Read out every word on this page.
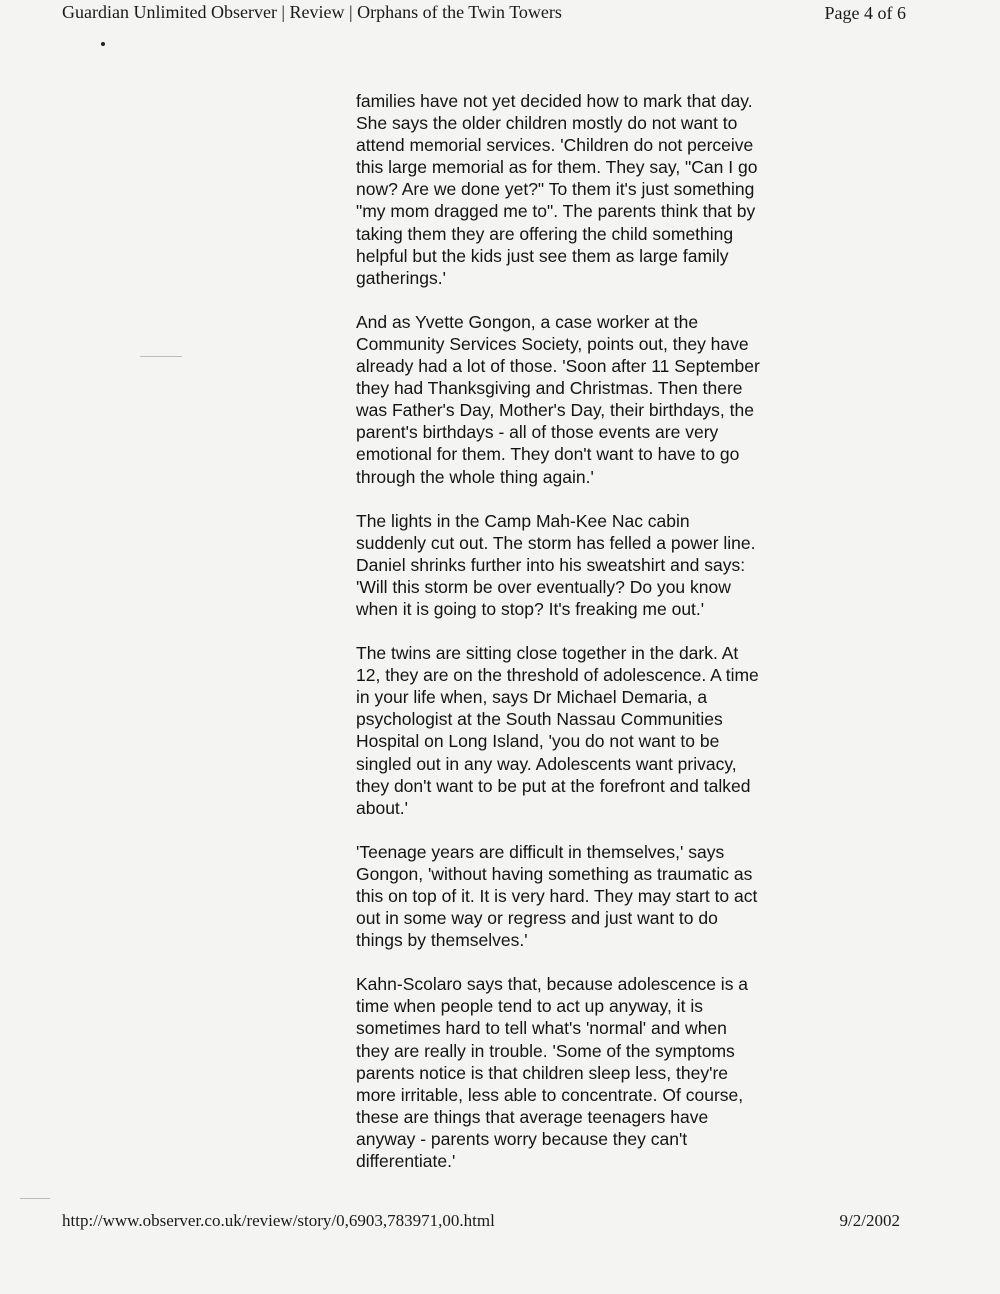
Guardian Unlimited Observer | Review | Orphans of the Twin Towers	Page 4 of 6

families have not yet decided how to mark that day.
She says the older children mostly do not want to
attend memorial services. 'Children do not perceive
this large memorial as for them. They say, "Can I go
now? Are we done yet?" To them it's just something
"my mom dragged me to". The parents think that by
taking them they are offering the child something
helpful but the kids just see them as large family
gatherings.'

And as Yvette Gongon, a case worker at the
Community Services Society, points out, they have
already had a lot of those. 'Soon after 11 September
they had Thanksgiving and Christmas. Then there
was Father's Day, Mother's Day, their birthdays, the
parent's birthdays - all of those events are very
emotional for them. They don't want to have to go
through the whole thing again.'

The lights in the Camp Mah-Kee Nac cabin
suddenly cut out. The storm has felled a power line.
Daniel shrinks further into his sweatshirt and says:
'Will this storm be over eventually? Do you know
when it is going to stop? It's freaking me out.'

The twins are sitting close together in the dark. At
12, they are on the threshold of adolescence. A time
in your life when, says Dr Michael Demaria, a
psychologist at the South Nassau Communities
Hospital on Long Island, 'you do not want to be
singled out in any way. Adolescents want privacy,
they don't want to be put at the forefront and talked
about.'

'Teenage years are difficult in themselves,' says
Gongon, 'without having something as traumatic as
this on top of it. It is very hard. They may start to act
out in some way or regress and just want to do
things by themselves.'

Kahn-Scolaro says that, because adolescence is a
time when people tend to act up anyway, it is
sometimes hard to tell what's 'normal' and when
they are really in trouble. 'Some of the symptoms
parents notice is that children sleep less, they're
more irritable, less able to concentrate. Of course,
these are things that average teenagers have
anyway - parents worry because they can't
differentiate.'

http://www.observer.co.uk/review/story/0,6903,783971,00.html	9/2/2002
